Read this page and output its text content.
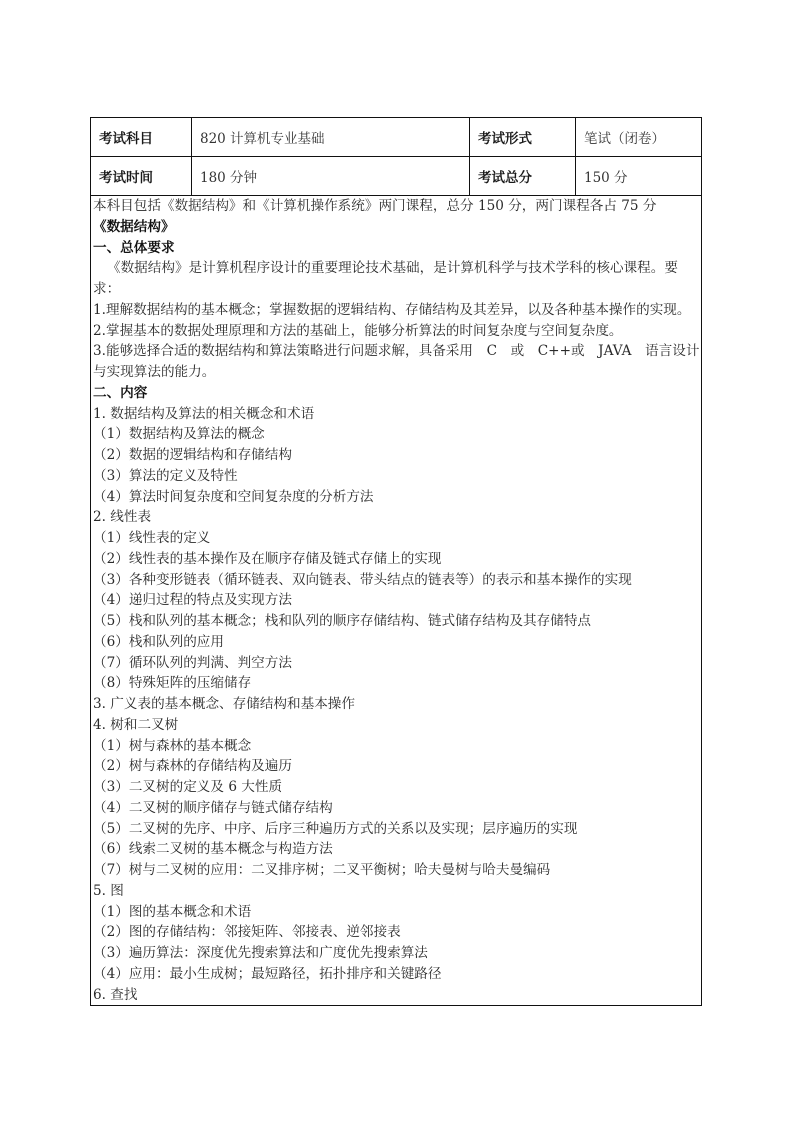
考试科目	820 计算机专业基础	考试形式	笔试（闭卷）
考试时间	180 分钟	考试总分	150 分
本科目包括《数据结构》和《计算机操作系统》两门课程，总分 150 分，两门课程各占 75 分
《数据结构》
一、总体要求
《数据结构》是计算机程序设计的重要理论技术基础，是计算机科学与技术学科的核心课程。要
求：
1.理解数据结构的基本概念；掌握数据的逻辑结构、存储结构及其差异，以及各种基本操作的实现。
2.掌握基本的数据处理原理和方法的基础上，能够分析算法的时间复杂度与空间复杂度。
3.能够选择合适的数据结构和算法策略进行问题求解，具备采用　C　或　C++或　JAVA　语言设计
与实现算法的能力。
二、内容
1. 数据结构及算法的相关概念和术语
（1）数据结构及算法的概念
（2）数据的逻辑结构和存储结构
（3）算法的定义及特性
（4）算法时间复杂度和空间复杂度的分析方法
2. 线性表
（1）线性表的定义
（2）线性表的基本操作及在顺序存储及链式存储上的实现
（3）各种变形链表（循环链表、双向链表、带头结点的链表等）的表示和基本操作的实现
（4）递归过程的特点及实现方法
（5）栈和队列的基本概念；栈和队列的顺序存储结构、链式储存结构及其存储特点
（6）栈和队列的应用
（7）循环队列的判满、判空方法
（8）特殊矩阵的压缩储存
3. 广义表的基本概念、存储结构和基本操作
4. 树和二叉树
（1）树与森林的基本概念
（2）树与森林的存储结构及遍历
（3）二叉树的定义及 6 大性质
（4）二叉树的顺序储存与链式储存结构
（5）二叉树的先序、中序、后序三种遍历方式的关系以及实现；层序遍历的实现
（6）线索二叉树的基本概念与构造方法
（7）树与二叉树的应用：二叉排序树；二叉平衡树；哈夫曼树与哈夫曼编码
5. 图
（1）图的基本概念和术语
（2）图的存储结构：邻接矩阵、邻接表、逆邻接表
（3）遍历算法：深度优先搜索算法和广度优先搜索算法
（4）应用：最小生成树；最短路径，拓扑排序和关键路径
6. 查找
